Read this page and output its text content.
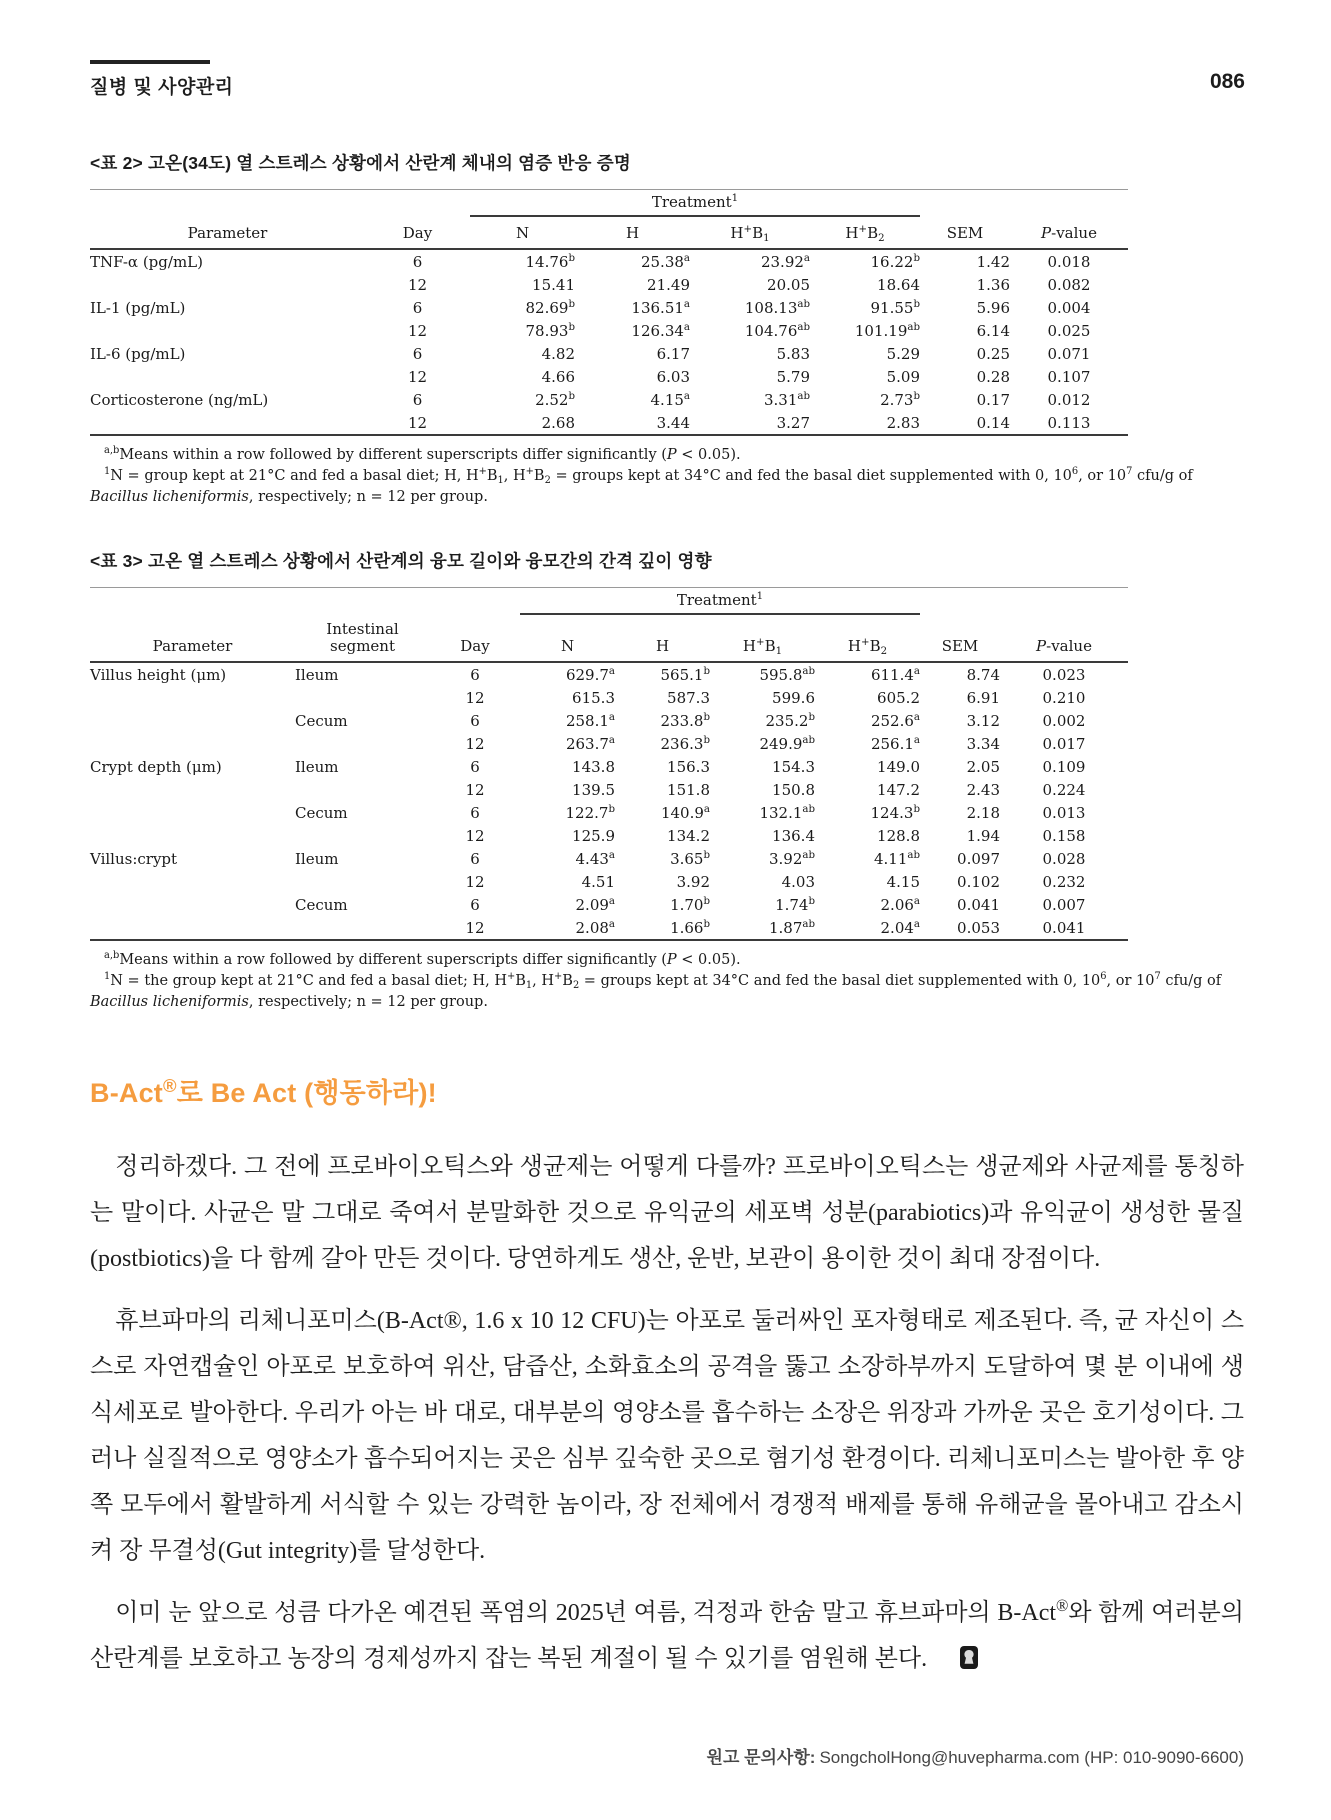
질병 및 사양관리	086

<표 2> 고온(34도) 열 스트레스 상황에서 산란계 체내의 염증 반응 증명

		Treatment$^1$	
Parameter	Day	N	H	$H^+B_1$	$H^+B_2$	SEM	P-value
TNF-α (pg/mL)	6	14.76$^b$	25.38$^a$	23.92$^a$	16.22$^b$	1.42	0.018
	12	15.41	21.49	20.05	18.64	1.36	0.082
IL-1 (pg/mL)	6	82.69$^b$	136.51$^a$	108.13$^{ab}$	91.55$^b$	5.96	0.004
	12	78.93$^b$	126.34$^a$	104.76$^{ab}$	101.19$^{ab}$	6.14	0.025
IL-6 (pg/mL)	6	4.82	6.17	5.83	5.29	0.25	0.071
	12	4.66	6.03	5.79	5.09	0.28	0.107
Corticosterone (ng/mL)	6	2.52$^b$	4.15$^a$	3.31$^{ab}$	2.73$^b$	0.17	0.012
	12	2.68	3.44	3.27	2.83	0.14	0.113

$^{a,b}$Means within a row followed by different superscripts differ significantly (P < 0.05).

$^1$N = group kept at 21°C and fed a basal diet; H, $H^+B_1$, $H^+B_2$ = groups kept at 34°C and fed the basal diet supplemented with 0, $10^6$, or $10^7$ cfu/g of Bacillus licheniformis, respectively; n = 12 per group.

<표 3> 고온 열 스트레스 상황에서 산란계의 융모 길이와 융모간의 간격 깊이 영향

			Treatment$^1$	
Parameter	Intestinal segment	Day	N	H	$H^+B_1$	$H^+B_2$	SEM	P-value
Villus height (μm)	Ileum	6	629.7$^a$	565.1$^b$	595.8$^{ab}$	611.4$^a$	8.74	0.023
		12	615.3	587.3	599.6	605.2	6.91	0.210
	Cecum	6	258.1$^a$	233.8$^b$	235.2$^b$	252.6$^a$	3.12	0.002
		12	263.7$^a$	236.3$^b$	249.9$^{ab}$	256.1$^a$	3.34	0.017
Crypt depth (μm)	Ileum	6	143.8	156.3	154.3	149.0	2.05	0.109
		12	139.5	151.8	150.8	147.2	2.43	0.224
	Cecum	6	122.7$^b$	140.9$^a$	132.1$^{ab}$	124.3$^b$	2.18	0.013
		12	125.9	134.2	136.4	128.8	1.94	0.158
Villus:crypt	Ileum	6	4.43$^a$	3.65$^b$	3.92$^{ab}$	4.11$^{ab}$	0.097	0.028
		12	4.51	3.92	4.03	4.15	0.102	0.232
	Cecum	6	2.09$^a$	1.70$^b$	1.74$^b$	2.06$^a$	0.041	0.007
		12	2.08$^a$	1.66$^b$	1.87$^{ab}$	2.04$^a$	0.053	0.041

$^{a,b}$Means within a row followed by different superscripts differ significantly (P < 0.05).

$^1$N = the group kept at 21°C and fed a basal diet; H, $H^+B_1$, $H^+B_2$ = groups kept at 34°C and fed the basal diet supplemented with 0, $10^6$, or $10^7$ cfu/g of Bacillus licheniformis, respectively; n = 12 per group.

B-Act®로 Be Act (행동하라)!

정리하겠다. 그 전에 프로바이오틱스와 생균제는 어떻게 다를까? 프로바이오틱스는 생균제와 사균제를 통칭하는 말이다. 사균은 말 그대로 죽여서 분말화한 것으로 유익균의 세포벽 성분(parabiotics)과 유익균이 생성한 물질(postbiotics)을 다 함께 갈아 만든 것이다. 당연하게도 생산, 운반, 보관이 용이한 것이 최대 장점이다.

휴브파마의 리체니포미스(B-Act®, 1.6 x 10 12 CFU)는 아포로 둘러싸인 포자형태로 제조된다. 즉, 균 자신이 스스로 자연캡슐인 아포로 보호하여 위산, 담즙산, 소화효소의 공격을 뚫고 소장하부까지 도달하여 몇 분 이내에 생식세포로 발아한다. 우리가 아는 바 대로, 대부분의 영양소를 흡수하는 소장은 위장과 가까운 곳은 호기성이다. 그러나 실질적으로 영양소가 흡수되어지는 곳은 심부 깊숙한 곳으로 혐기성 환경이다. 리체니포미스는 발아한 후 양쪽 모두에서 활발하게 서식할 수 있는 강력한 놈이라, 장 전체에서 경쟁적 배제를 통해 유해균을 몰아내고 감소시켜 장 무결성(Gut integrity)를 달성한다.

이미 눈 앞으로 성큼 다가온 예견된 폭염의 2025년 여름, 걱정과 한숨 말고 휴브파마의 B-Act®와 함께 여러분의 산란계를 보호하고 농장의 경제성까지 잡는 복된 계절이 될 수 있기를 염원해 본다.

원고 문의사항: SongcholHong@huvepharma.com (HP: 010-9090-6600)
